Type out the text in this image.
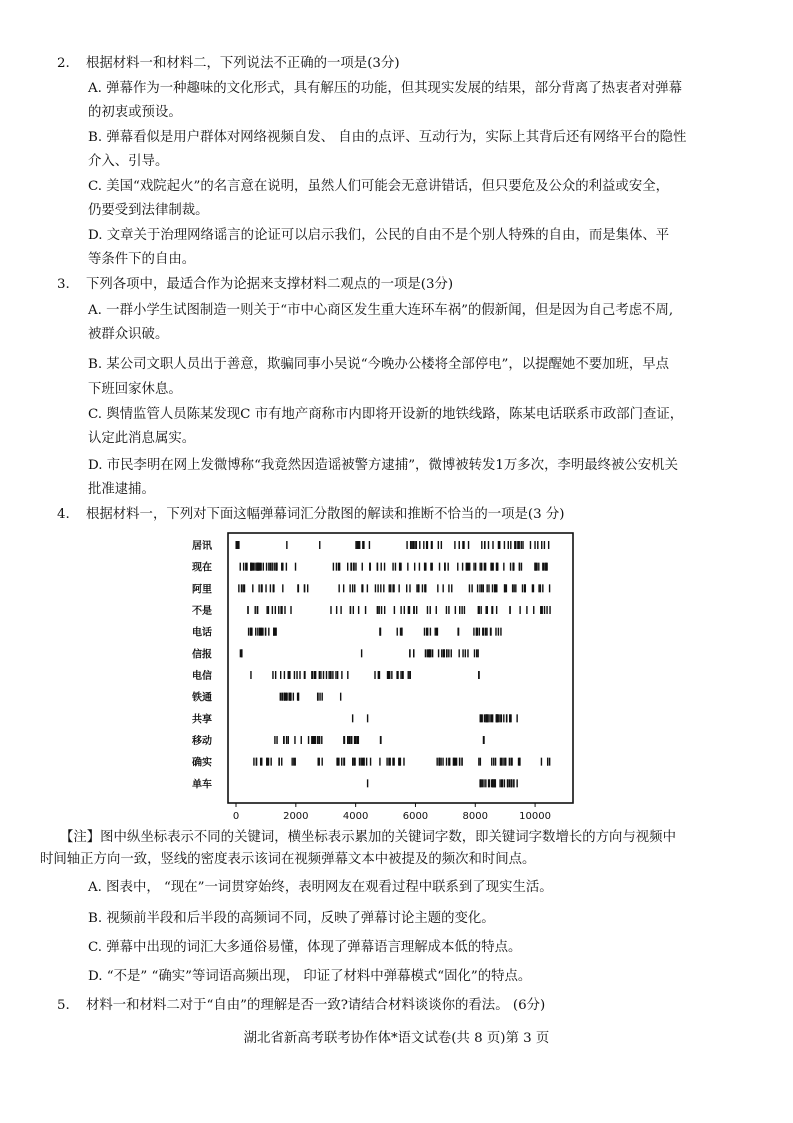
2. 根据材料一和材料二，下列说法不正确的一项是(3分)
A. 弹幕作为一种趣味的文化形式，具有解压的功能，但其现实发展的结果，部分背离了热衷者对弹幕
的初衷或预设。
B. 弹幕看似是用户群体对网络视频自发、 自由的点评、互动行为，实际上其背后还有网络平台的隐性
介入、引导。
C. 美国“戏院起火”的名言意在说明，虽然人们可能会无意讲错话，但只要危及公众的利益或安全，
仍要受到法律制裁。
D. 文章关于治理网络谣言的论证可以启示我们，公民的自由不是个别人特殊的自由，而是集体、平
等条件下的自由。
3. 下列各项中，最适合作为论据来支撑材料二观点的一项是(3分)
A. 一群小学生试图制造一则关于“市中心商区发生重大连环车祸”的假新闻，但是因为自己考虑不周,
被群众识破。
B. 某公司文职人员出于善意，欺骗同事小吴说“今晚办公楼将全部停电”，以提醒她不要加班，早点
下班回家休息。
C. 舆情监管人员陈某发现C 市有地产商称市内即将开设新的地铁线路，陈某电话联系市政部门查证，
认定此消息属实。
D. 市民李明在网上发微博称“我竟然因造谣被警方逮捕”，微博被转发1万多次，李明最终被公安机关
批准逮捕。
4. 根据材料一，下列对下面这幅弹幕词汇分散图的解读和推断不恰当的一项是(3 分)
居讯
现在
阿里
不是
电话
信报
电信
铁通
共享
移动
确实
单车
0	2000	4000	6000	8000	10000
【注】图中纵坐标表示不同的关键词，横坐标表示累加的关键词字数，即关键词字数增长的方向与视频中
时间轴正方向一致，竖线的密度表示该词在视频弹幕文本中被提及的频次和时间点。
A. 图表中， “现在”一词贯穿始终，表明网友在观看过程中联系到了现实生活。
B. 视频前半段和后半段的高频词不同，反映了弹幕讨论主题的变化。
C. 弹幕中出现的词汇大多通俗易懂，体现了弹幕语言理解成本低的特点。
D. “不是” “确实”等词语高频出现， 印证了材料中弹幕模式“固化”的特点。
5. 材料一和材料二对于“自由”的理解是否一致?请结合材料谈谈你的看法。 (6分)
湖北省新高考联考协作体*语文试卷(共 8 页)第 3 页
